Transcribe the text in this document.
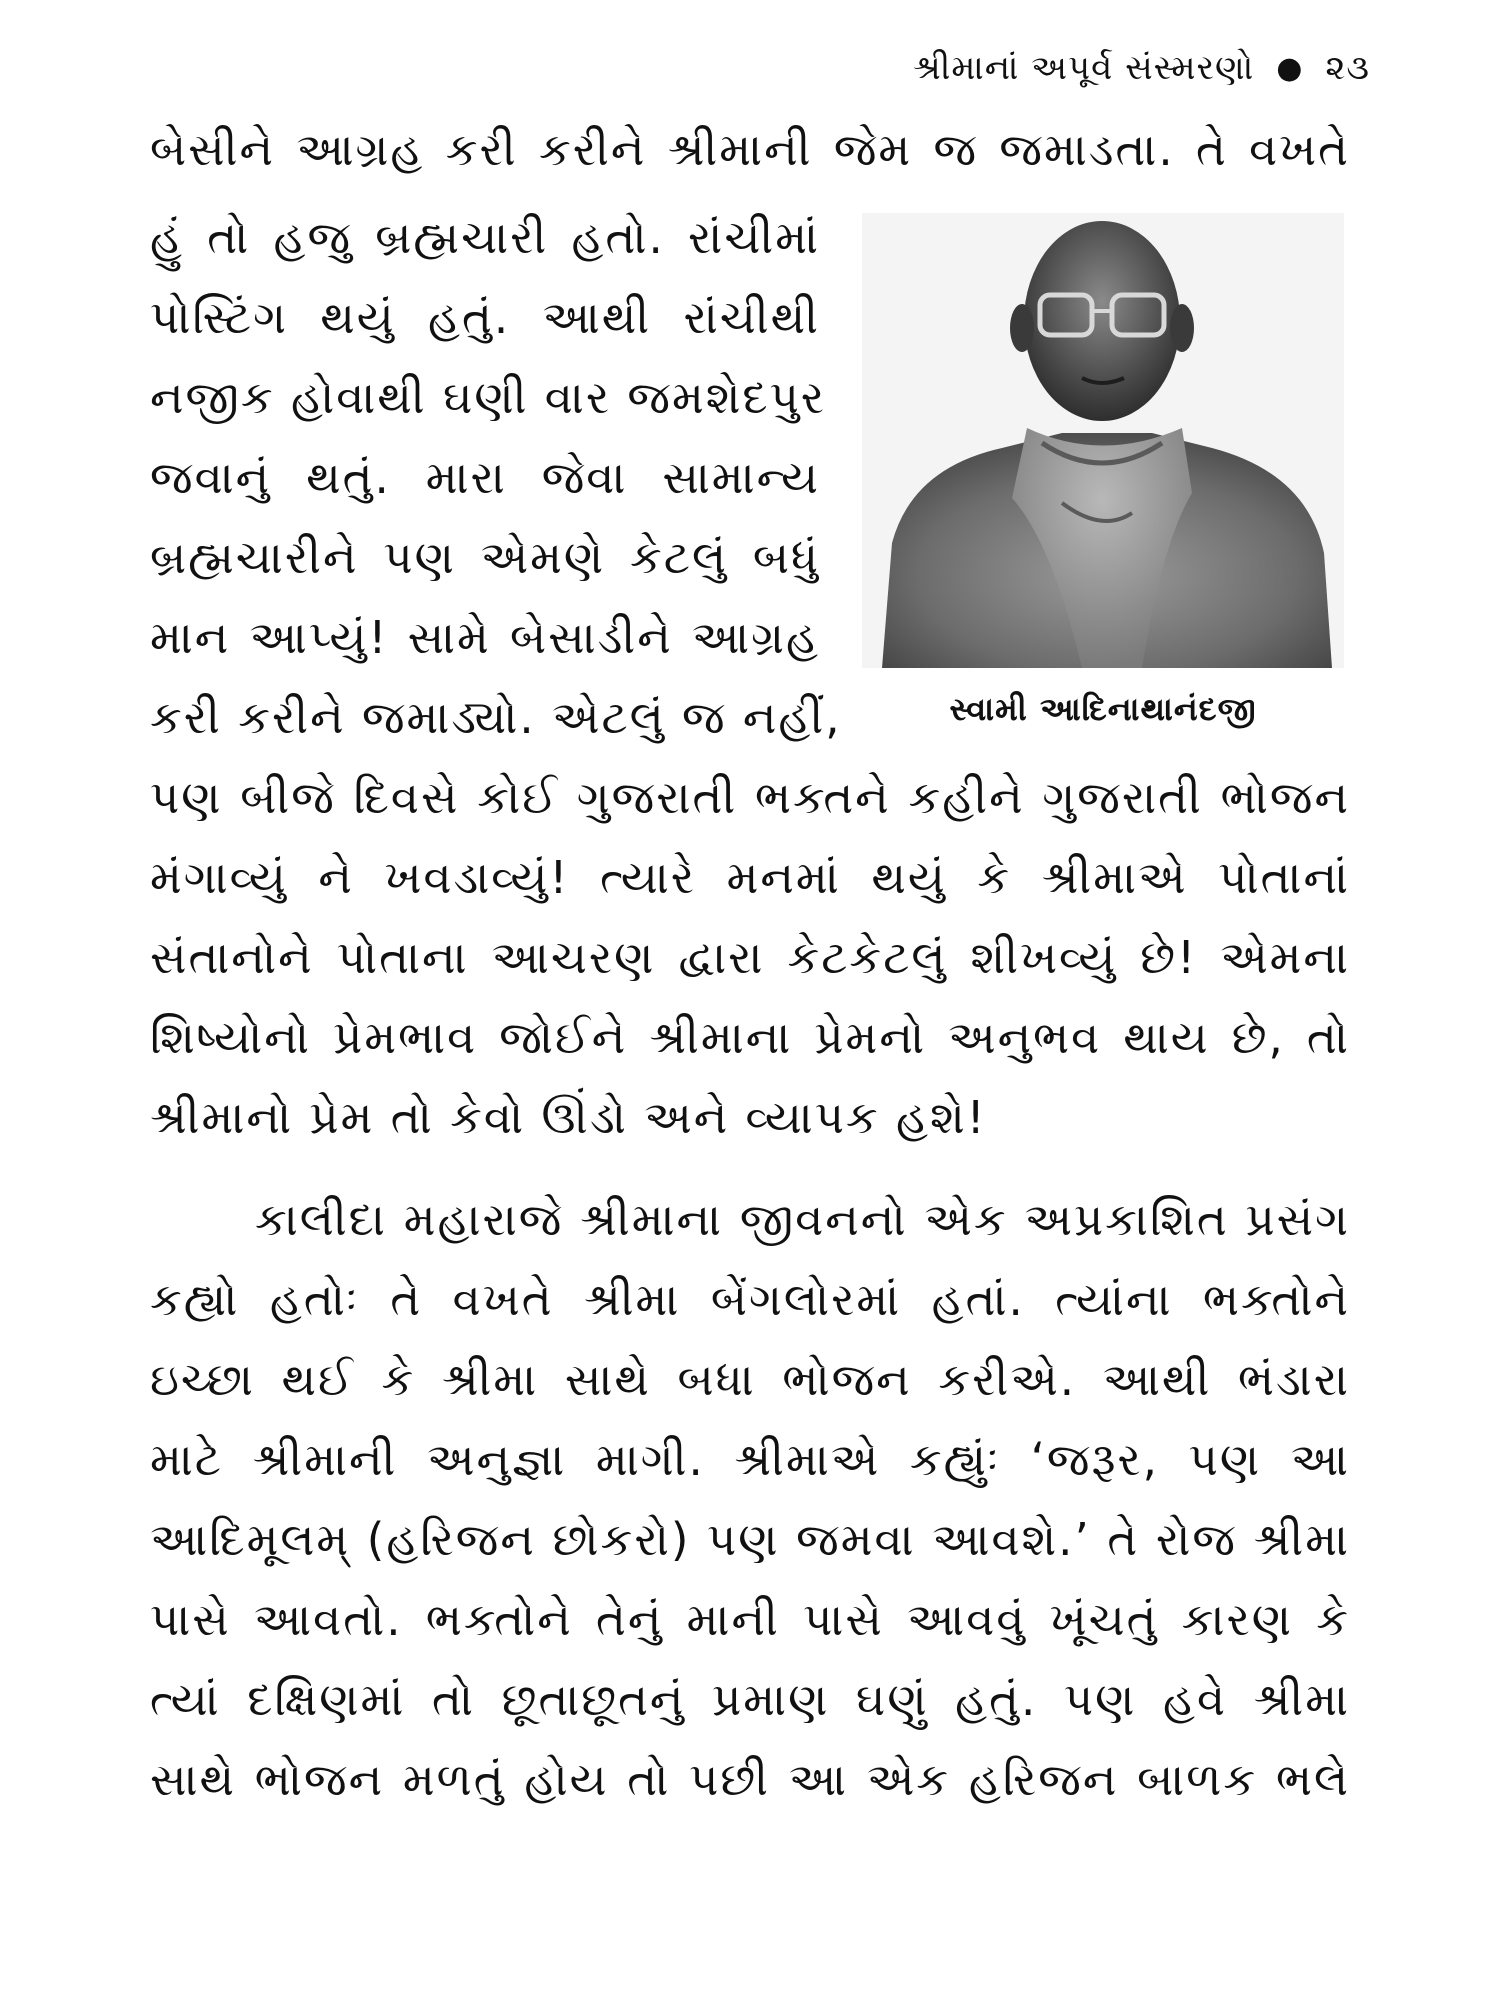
શ્રીમાનાં અપૂર્વ સંસ્મરણો ● ૨૩
બેસીને આગ્રહ કરી કરીને શ્રીમાની જેમ જ જમાડતા. તે વખતે
હું તો હજુ બ્રહ્મચારી હતો. રાંચીમાં
પોસ્ટિંગ થયું હતું. આથી રાંચીથી
નજીક હોવાથી ઘણી વાર જમશેદપુર
જવાનું થતું. મારા જેવા સામાન્ય
બ્રહ્મચારીને પણ એમણે કેટલું બધું
માન આપ્યું! સામે બેસાડીને આગ્રહ
કરી કરીને જમાડ્યો. એટલું જ નહીં,	સ્વામી આદિનાથાનંદજી
પણ બીજે દિવસે કોઈ ગુજરાતી ભક્તને કહીને ગુજરાતી ભોજન
મંગાવ્યું ને ખવડાવ્યું! ત્યારે મનમાં થયું કે શ્રીમાએ પોતાનાં
સંતાનોને પોતાના આચરણ દ્વારા કેટકેટલું શીખવ્યું છે! એમના
શિષ્યોનો પ્રેમભાવ જોઈને શ્રીમાના પ્રેમનો અનુભવ થાય છે, તો
શ્રીમાનો પ્રેમ તો કેવો ઊંડો અને વ્યાપક હશે!
કાલીદા મહારાજે શ્રીમાના જીવનનો એક અપ્રકાશિત પ્રસંગ
કહ્યો હતોઃ તે વખતે શ્રીમા બેંગલોરમાં હતાં. ત્યાંના ભક્તોને
ઇચ્છા થઈ કે શ્રીમા સાથે બધા ભોજન કરીએ. આથી ભંડારા
માટે શ્રીમાની અનુજ્ઞા માગી. શ્રીમાએ કહ્યુંઃ ‘જરૂર, પણ આ
આદિમૂલમ્ (હરિજન છોકરો) પણ જમવા આવશે.’ તે રોજ શ્રીમા
પાસે આવતો. ભક્તોને તેનું માની પાસે આવવું ખૂંચતું કારણ કે
ત્યાં દક્ષિણમાં તો છૂતાછૂતનું પ્રમાણ ઘણું હતું. પણ હવે શ્રીમા
સાથે ભોજન મળતું હોય તો પછી આ એક હરિજન બાળક ભલે
